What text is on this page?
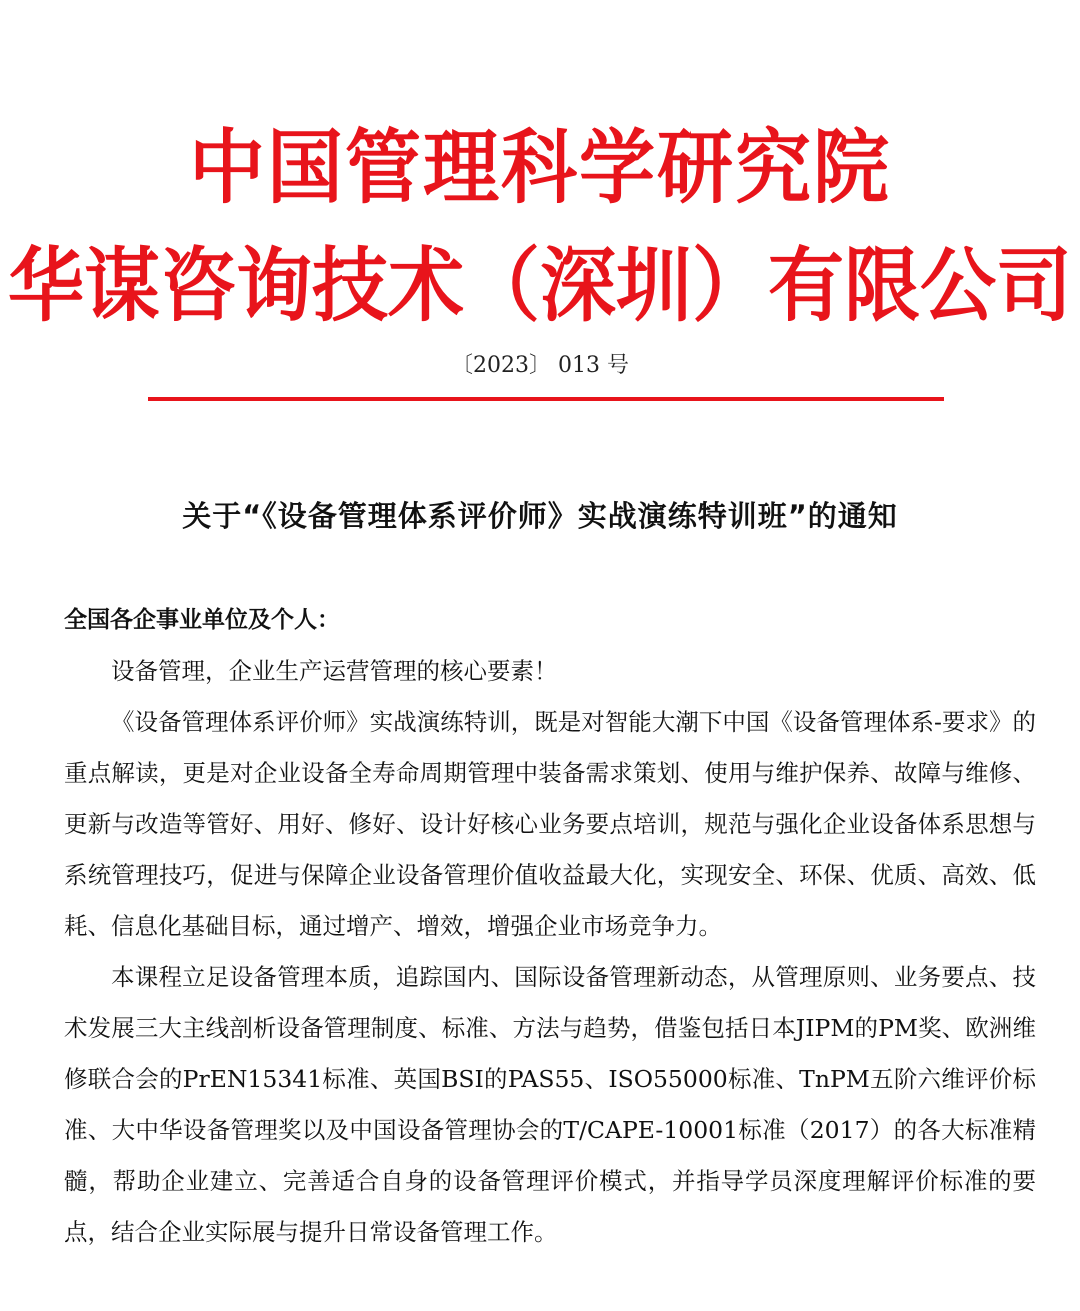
中国管理科学研究院
华谋咨询技术（深圳）有限公司
〔2023〕 013 号
关于“《设备管理体系评价师》实战演练特训班”的通知
全国各企事业单位及个人：

设备管理，企业生产运营管理的核心要素！

《设备管理体系评价师》实战演练特训，既是对智能大潮下中国《设备管理体系-要求》的重点解读，更是对企业设备全寿命周期管理中装备需求策划、使用与维护保养、故障与维修、更新与改造等管好、用好、修好、设计好核心业务要点培训，规范与强化企业设备体系思想与系统管理技巧，促进与保障企业设备管理价值收益最大化，实现安全、环保、优质、高效、低耗、信息化基础目标，通过增产、增效，增强企业市场竞争力。

本课程立足设备管理本质，追踪国内、国际设备管理新动态，从管理原则、业务要点、技术发展三大主线剖析设备管理制度、标准、方法与趋势，借鉴包括日本JIPM的PM奖、欧洲维修联合会的PrEN15341标准、英国BSI的PAS55、ISO55000标准、TnPM五阶六维评价标准、大中华设备管理奖以及中国设备管理协会的T/CAPE-10001标准（2017）的各大标准精髓，帮助企业建立、完善适合自身的设备管理评价模式，并指导学员深度理解评价标准的要点，结合企业实际展与提升日常设备管理工作。
